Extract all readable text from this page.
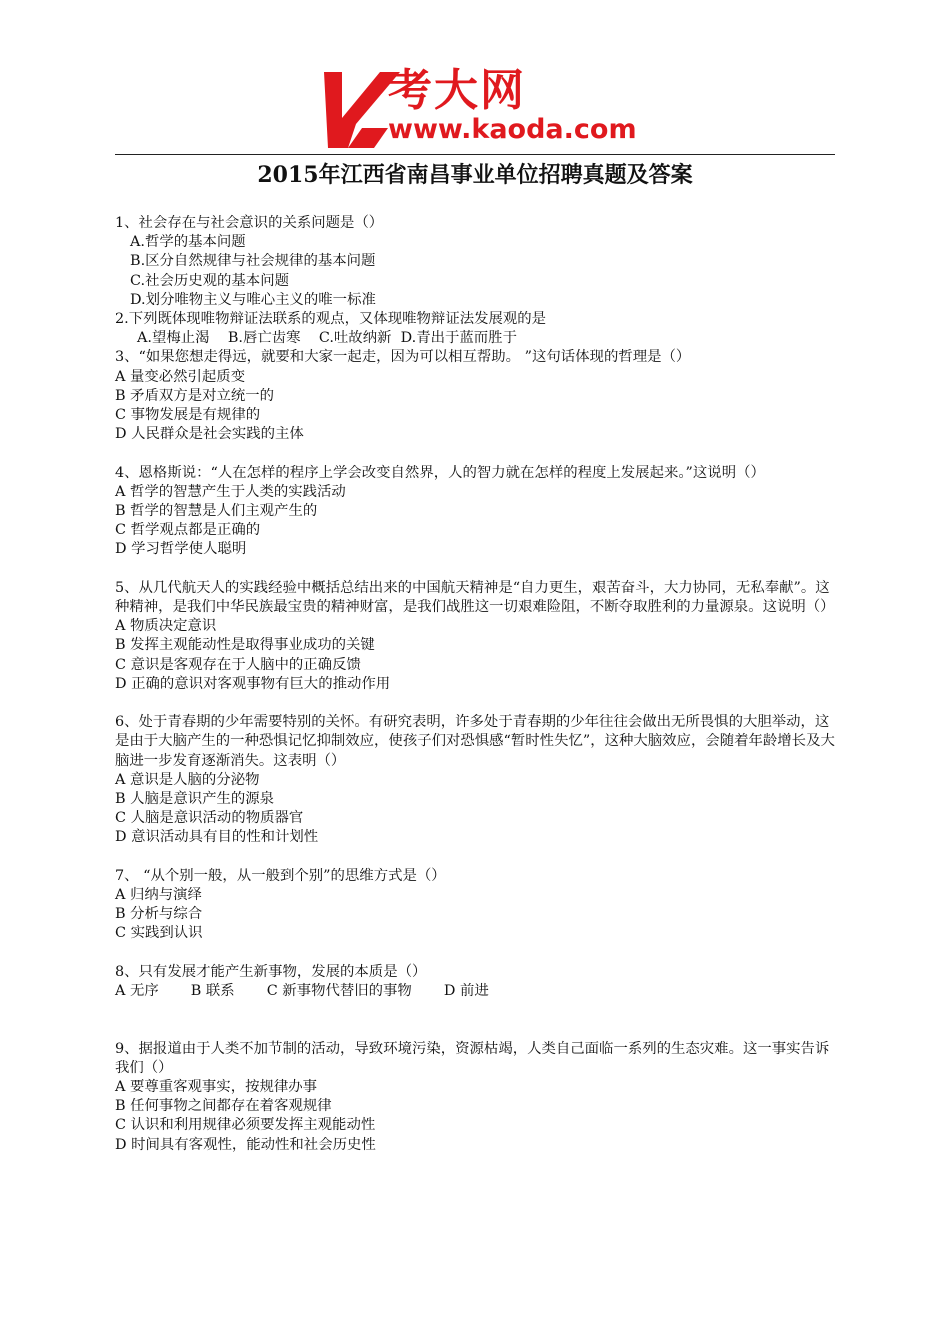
考大网
www.kaoda.com
2015年江西省南昌事业单位招聘真题及答案

1、社会存在与社会意识的关系问题是（）

A.哲学的基本问题

B.区分自然规律与社会规律的基本问题

C.社会历史观的基本问题

D.划分唯物主义与唯心主义的唯一标准

2.下列既体现唯物辩证法联系的观点，又体现唯物辩证法发展观的是

A.望梅止渴    B.唇亡齿寒    C.吐故纳新  D.青出于蓝而胜于

3、“如果您想走得远，就要和大家一起走，因为可以相互帮助。 ”这句话体现的哲理是（）

A 量变必然引起质变

B 矛盾双方是对立统一的

C 事物发展是有规律的

D 人民群众是社会实践的主体

4、恩格斯说：“人在怎样的程序上学会改变自然界，人的智力就在怎样的程度上发展起来。”这说明（）

A 哲学的智慧产生于人类的实践活动

B 哲学的智慧是人们主观产生的

C 哲学观点都是正确的

D 学习哲学使人聪明

5、从几代航天人的实践经验中概括总结出来的中国航天精神是“自力更生，艰苦奋斗，大力协同，无私奉献”。这种精神，是我们中华民族最宝贵的精神财富，是我们战胜这一切艰难险阻，不断夺取胜利的力量源泉。这说明（）

A 物质决定意识

B 发挥主观能动性是取得事业成功的关键

C 意识是客观存在于人脑中的正确反馈

D 正确的意识对客观事物有巨大的推动作用

6、处于青春期的少年需要特别的关怀。有研究表明，许多处于青春期的少年往往会做出无所畏惧的大胆举动，这是由于大脑产生的一种恐惧记忆抑制效应，使孩子们对恐惧感“暂时性失忆”，这种大脑效应，会随着年龄增长及大脑进一步发育逐渐消失。这表明（）

A 意识是人脑的分泌物

B 人脑是意识产生的源泉

C 人脑是意识活动的物质器官

D 意识活动具有目的性和计划性

7、 “从个别一般，从一般到个别”的思维方式是（）

A 归纳与演绎

B 分析与综合

C 实践到认识

8、只有发展才能产生新事物，发展的本质是（）

A 无序       B 联系       C 新事物代替旧的事物       D 前进

9、据报道由于人类不加节制的活动，导致环境污染，资源枯竭，人类自己面临一系列的生态灾难。这一事实告诉我们（）

A 要尊重客观事实，按规律办事

B 任何事物之间都存在着客观规律

C 认识和利用规律必须要发挥主观能动性

D 时间具有客观性，能动性和社会历史性
